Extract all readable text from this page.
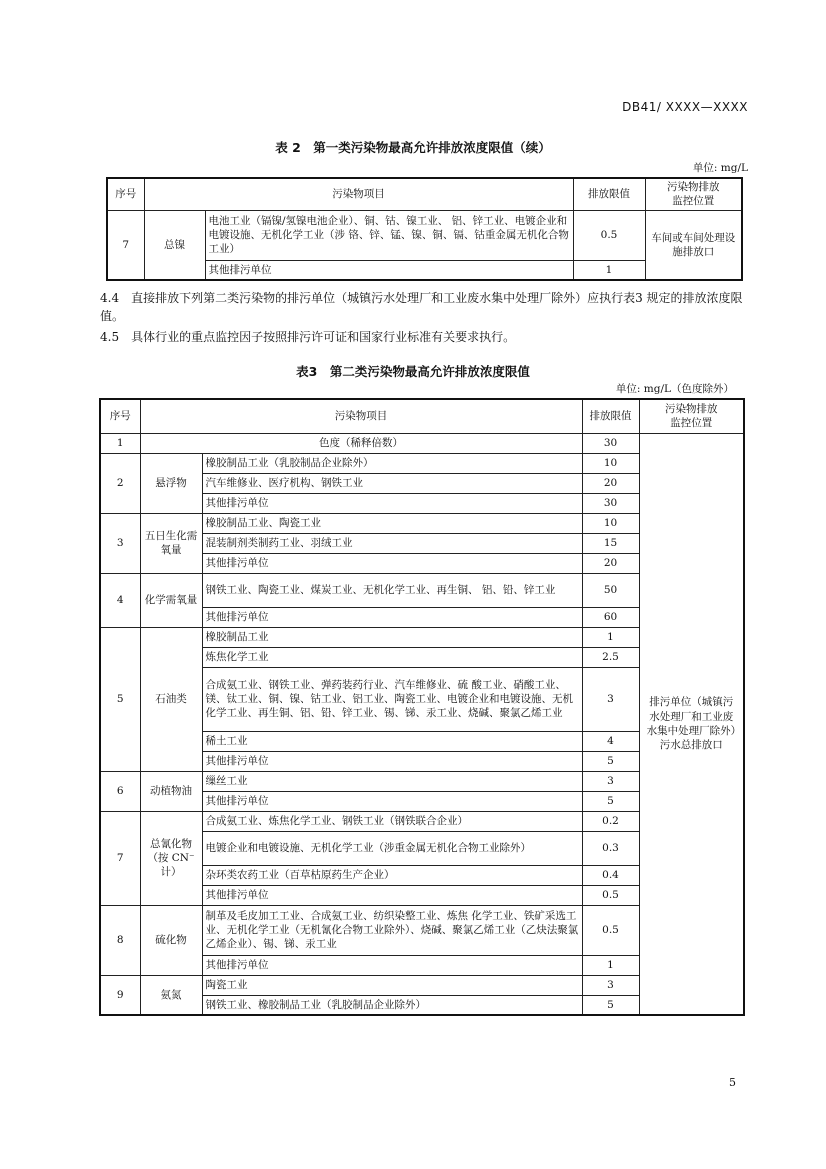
DB41/ XXXX—XXXX
表 2　第一类污染物最高允许排放浓度限值（续）
单位: mg/L
序号	污染物项目		排放限值	污染物排放
监控位置
7	总镍	电池工业（镉镍/氢镍电池企业）、铜、钴、镍工业、 铝、锌工业、电镀企业和电镀设施、无机化学工业（涉 铬、锌、锰、镍、铜、镉、钴重金属无机化合物工业）	0.5	车间或车间处理设施排放口
		其他排污单位	1	
4.4　直接排放下列第二类污染物的排污单位（城镇污水处理厂和工业废水集中处理厂除外）应执行表3 规定的排放浓度限值。
4.5　具体行业的重点监控因子按照排污许可证和国家行业标准有关要求执行。
表3　第二类污染物最高允许排放浓度限值
单位: mg/L（色度除外）
序号	污染物项目		排放限值	污染物排放
监控位置
1	色度（稀释倍数）		30	排污单位（城镇污水处理厂和工业废水集中处理厂除外）污水总排放口
2	悬浮物	橡胶制品工业（乳胶制品企业除外）	10	
		汽车维修业、医疗机构、钢铁工业	20	
		其他排污单位	30	
3	五日生化需氧量	橡胶制品工业、陶瓷工业	10	
		混装制剂类制药工业、羽绒工业	15	
		其他排污单位	20	
4	化学需氧量	钢铁工业、陶瓷工业、煤炭工业、无机化学工业、再生铜、 铝、铅、锌工业	50	
		其他排污单位	60	
5	石油类	橡胶制品工业	1	
		炼焦化学工业	2.5	
		合成氨工业、钢铁工业、弹药装药行业、汽车维修业、硫 酸工业、硝酸工业、镁、钛工业、铜、镍、钴工业、铝工业、陶瓷工业、电镀企业和电镀设施、无机化学工业、再生铜、铝、铅、锌工业、锡、锑、汞工业、烧碱、聚氯乙烯工业	3	
		稀土工业	4	
		其他排污单位	5	
6	动植物油	缫丝工业	3	
		其他排污单位	5	
7	总氰化物（按 CN⁻ 计）	合成氨工业、炼焦化学工业、钢铁工业（钢铁联合企业）	0.2	
		电镀企业和电镀设施、无机化学工业（涉重金属无机化合物工业除外）	0.3	
		杂环类农药工业（百草枯原药生产企业）	0.4	
		其他排污单位	0.5	
8	硫化物	制革及毛皮加工工业、合成氨工业、纺织染整工业、炼焦 化学工业、铁矿采选工业、无机化学工业（无机氰化合物工业除外）、烧碱、聚氯乙烯工业（乙炔法聚氯乙烯企业）、锡、锑、汞工业	0.5	
		其他排污单位	1	
9	氨氮	陶瓷工业	3	
		钢铁工业、橡胶制品工业（乳胶制品企业除外）	5	
5
